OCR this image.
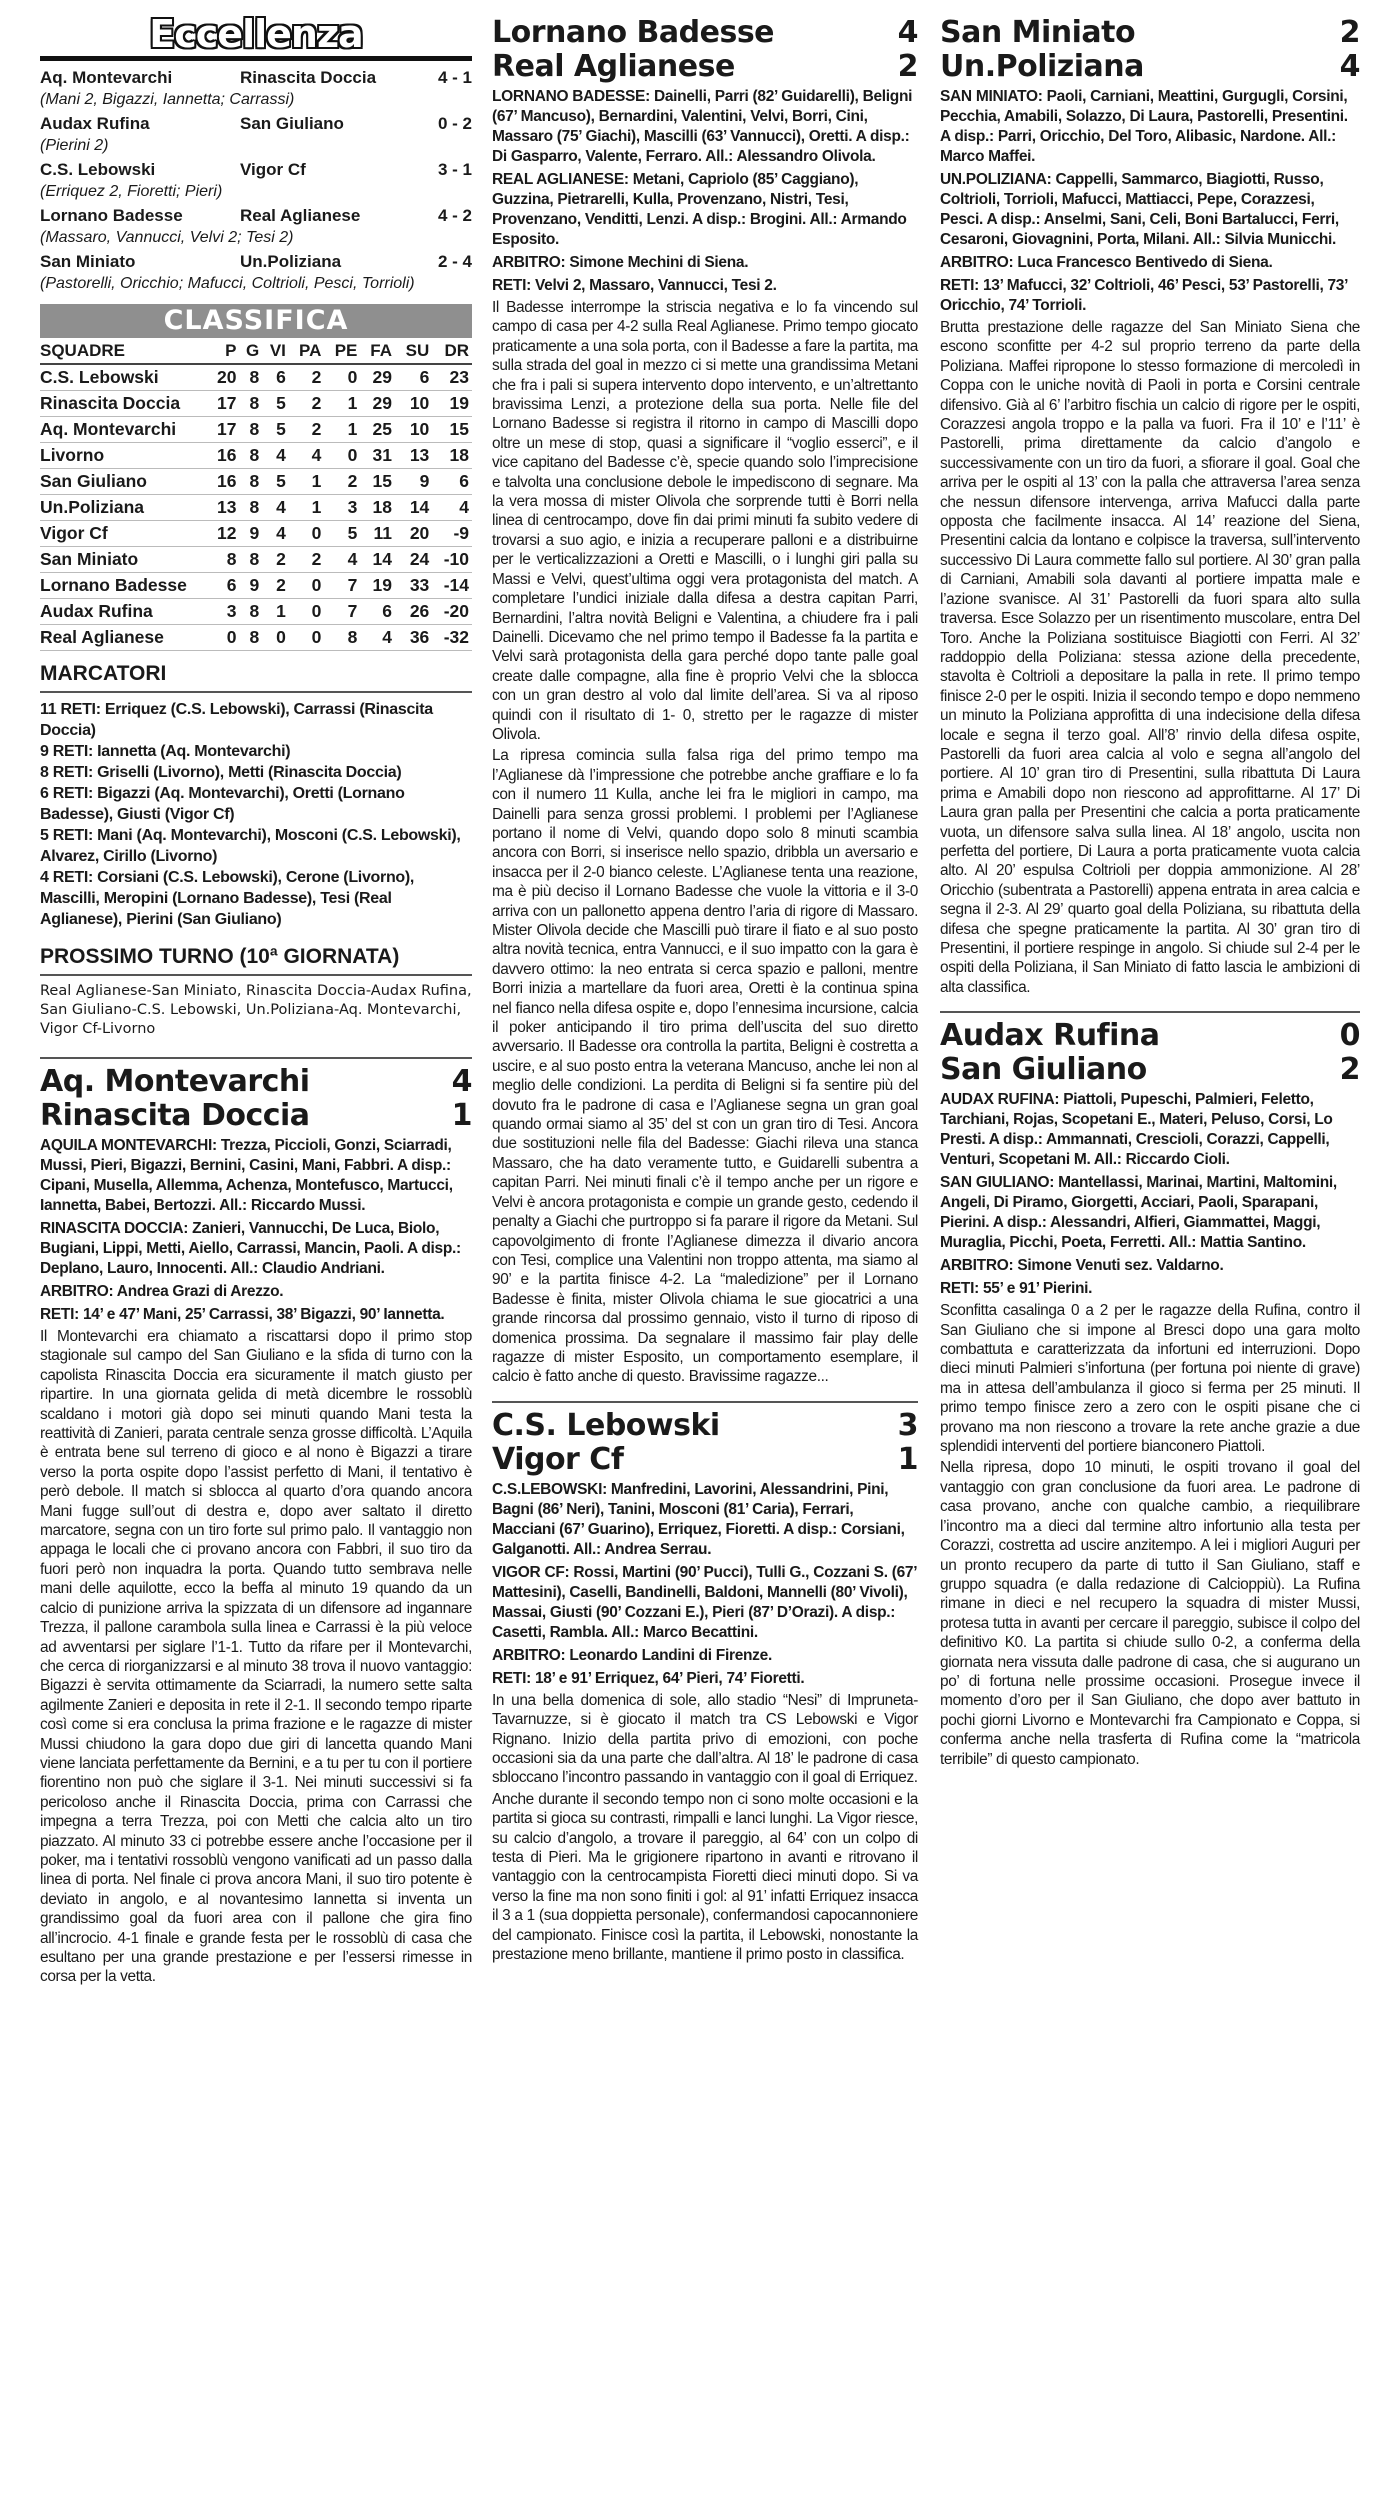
Eccellenza
Aq. Montevarchi	Rinascita Doccia	4 - 1
(Mani 2, Bigazzi, Iannetta; Carrassi)
Audax Rufina	San Giuliano	0 - 2
(Pierini 2)
C.S. Lebowski	Vigor Cf	3 - 1
(Erriquez 2, Fioretti; Pieri)
Lornano Badesse	Real Aglianese	4 - 2
(Massaro, Vannucci, Velvi 2; Tesi 2)
San Miniato	Un.Poliziana	2 - 4
(Pastorelli, Oricchio; Mafucci, Coltrioli, Pesci, Torrioli)
CLASSIFICA
SQUADRE	P	G	VI	PA	PE	FA	SU	DR
C.S. Lebowski	20	8	6	2	0	29	6	23
Rinascita Doccia	17	8	5	2	1	29	10	19
Aq. Montevarchi	17	8	5	2	1	25	10	15
Livorno	16	8	4	4	0	31	13	18
San Giuliano	16	8	5	1	2	15	9	6
Un.Poliziana	13	8	4	1	3	18	14	4
Vigor Cf	12	9	4	0	5	11	20	-9
San Miniato	8	8	2	2	4	14	24	-10
Lornano Badesse	6	9	2	0	7	19	33	-14
Audax Rufina	3	8	1	0	7	6	26	-20
Real Aglianese	0	8	0	0	8	4	36	-32
MARCATORI
11 RETI: Erriquez (C.S. Lebowski), Carrassi (Rinascita Doccia)
9 RETI: Iannetta (Aq. Montevarchi)
8 RETI: Griselli (Livorno), Metti (Rinascita Doccia)
6 RETI: Bigazzi (Aq. Montevarchi), Oretti (Lornano Badesse), Giusti (Vigor Cf)
5 RETI: Mani (Aq. Montevarchi), Mosconi (C.S. Lebowski), Alvarez, Cirillo (Livorno)
4 RETI: Corsiani (C.S. Lebowski), Cerone (Livorno), Mascilli, Meropini (Lornano Badesse), Tesi (Real Aglianese), Pierini (San Giuliano)
PROSSIMO TURNO (10ª GIORNATA)
Real Aglianese-San Miniato, Rinascita Doccia-Audax Rufina, San Giuliano-C.S. Lebowski, Un.Poliziana-Aq. Montevarchi, Vigor Cf-Livorno
Aq. Montevarchi	4
Rinascita Doccia	1
AQUILA MONTEVARCHI: Trezza, Piccioli, Gonzi, Sciarradi, Mussi, Pieri, Bigazzi, Bernini, Casini, Mani, Fabbri. A disp.: Cipani, Musella, Allemma, Achenza, Montefusco, Martucci, Iannetta, Babei, Bertozzi. All.: Riccardo Mussi.
RINASCITA DOCCIA: Zanieri, Vannucchi, De Luca, Biolo, Bugiani, Lippi, Metti, Aiello, Carrassi, Mancin, Paoli. A disp.: Deplano, Lauro, Innocenti. All.: Claudio Andriani.
ARBITRO: Andrea Grazi di Arezzo.
RETI: 14’ e 47’ Mani, 25’ Carrassi, 38’ Bigazzi, 90’ Iannetta.

Il Montevarchi era chiamato a riscattarsi dopo il primo stop stagionale sul campo del San Giuliano e la sfida di turno con la capolista Rinascita Doccia era sicuramente il match giusto per ripartire. In una giornata gelida di metà dicembre le rossoblù scaldano i motori già dopo sei minuti quando Mani testa la reattività di Zanieri, parata centrale senza grosse difficoltà. L’Aquila è entrata bene sul terreno di gioco e al nono è Bigazzi a tirare verso la porta ospite dopo l’assist perfetto di Mani, il tentativo è però debole. Il match si sblocca al quarto d’ora quando ancora Mani fugge sull’out di destra e, dopo aver saltato il diretto marcatore, segna con un tiro forte sul primo palo. Il vantaggio non appaga le locali che ci provano ancora con Fabbri, il suo tiro da fuori però non inquadra la porta. Quando tutto sembrava nelle mani delle aquilotte, ecco la beffa al minuto 19 quando da un calcio di punizione arriva la spizzata di un difensore ad ingannare Trezza, il pallone carambola sulla linea e Carrassi è la più veloce ad avventarsi per siglare l’1-1. Tutto da rifare per il Montevarchi, che cerca di riorganizzarsi e al minuto 38 trova il nuovo vantaggio: Bigazzi è servita ottimamente da Sciarradi, la numero sette salta agilmente Zanieri e deposita in rete il 2-1. Il secondo tempo riparte così come si era conclusa la prima frazione e le ragazze di mister Mussi chiudono la gara dopo due giri di lancetta quando Mani viene lanciata perfettamente da Bernini, e a tu per tu con il portiere fiorentino non può che siglare il 3-1. Nei minuti successivi si fa pericoloso anche il Rinascita Doccia, prima con Carrassi che impegna a terra Trezza, poi con Metti che calcia alto un tiro piazzato. Al minuto 33 ci potrebbe essere anche l’occasione per il poker, ma i tentativi rossoblù vengono vanificati ad un passo dalla linea di porta. Nel finale ci prova ancora Mani, il suo tiro potente è deviato in angolo, e al novantesimo Iannetta si inventa un grandissimo goal da fuori area con il pallone che gira fino all’incrocio. 4-1 finale e grande festa per le rossoblù di casa che esultano per una grande prestazione e per l’essersi rimesse in corsa per la vetta.

Lornano Badesse	4
Real Aglianese	2
LORNANO BADESSE: Dainelli, Parri (82’ Guidarelli), Beligni (67’ Mancuso), Bernardini, Valentini, Velvi, Borri, Cini, Massaro (75’ Giachi), Mascilli (63’ Vannucci), Oretti. A disp.: Di Gasparro, Valente, Ferraro. All.: Alessandro Olivola.
REAL AGLIANESE: Metani, Capriolo (85’ Caggiano), Guzzina, Pietrarelli, Kulla, Provenzano, Nistri, Tesi, Provenzano, Venditti, Lenzi. A disp.: Brogini. All.: Armando Esposito.
ARBITRO: Simone Mechini di Siena.
RETI: Velvi 2, Massaro, Vannucci, Tesi 2.

Il Badesse interrompe la striscia negativa e lo fa vincendo sul campo di casa per 4-2 sulla Real Aglianese. Primo tempo giocato praticamente a una sola porta, con il Badesse a fare la partita, ma sulla strada del goal in mezzo ci si mette una grandissima Metani che fra i pali si supera intervento dopo intervento, e un’altrettanto bravissima Lenzi, a protezione della sua porta. Nelle file del Lornano Badesse si registra il ritorno in campo di Mascilli dopo oltre un mese di stop, quasi a significare il “voglio esserci”, e il vice capitano del Badesse c’è, specie quando solo l’imprecisione e talvolta una conclusione debole le impediscono di segnare. Ma la vera mossa di mister Olivola che sorprende tutti è Borri nella linea di centrocampo, dove fin dai primi minuti fa subito vedere di trovarsi a suo agio, e inizia a recuperare palloni e a distribuirne per le verticalizzazioni a Oretti e Mascilli, o i lunghi giri palla su Massi e Velvi, quest’ultima oggi vera protagonista del match. A completare l’undici iniziale dalla difesa a destra capitan Parri, Bernardini, l’altra novità Beligni e Valentina, a chiudere fra i pali Dainelli. Dicevamo che nel primo tempo il Badesse fa la partita e Velvi sarà protagonista della gara perché dopo tante palle goal create dalle compagne, alla fine è proprio Velvi che la sblocca con un gran destro al volo dal limite dell’area. Si va al riposo quindi con il risultato di 1- 0, stretto per le ragazze di mister Olivola.

La ripresa comincia sulla falsa riga del primo tempo ma l’Aglianese dà l’impressione che potrebbe anche graffiare e lo fa con il numero 11 Kulla, anche lei fra le migliori in campo, ma Dainelli para senza grossi problemi. I problemi per l’Aglianese portano il nome di Velvi, quando dopo solo 8 minuti scambia ancora con Borri, si inserisce nello spazio, dribbla un aversario e insacca per il 2-0 bianco celeste. L’Aglianese tenta una reazione, ma è più deciso il Lornano Badesse che vuole la vittoria e il 3-0 arriva con un pallonetto appena dentro l’aria di rigore di Massaro. Mister Olivola decide che Mascilli può tirare il fiato e al suo posto altra novità tecnica, entra Vannucci, e il suo impatto con la gara è davvero ottimo: la neo entrata si cerca spazio e palloni, mentre Borri inizia a martellare da fuori area, Oretti è la continua spina nel fianco nella difesa ospite e, dopo l’ennesima incursione, calcia il poker anticipando il tiro prima dell’uscita del suo diretto avversario. Il Badesse ora controlla la partita, Beligni è costretta a uscire, e al suo posto entra la veterana Mancuso, anche lei non al meglio delle condizioni. La perdita di Beligni si fa sentire più del dovuto fra le padrone di casa e l’Aglianese segna un gran goal quando ormai siamo al 35’ del st con un gran tiro di Tesi. Ancora due sostituzioni nelle fila del Badesse: Giachi rileva una stanca Massaro, che ha dato veramente tutto, e Guidarelli subentra a capitan Parri. Nei minuti finali c’è il tempo anche per un rigore e Velvi è ancora protagonista e compie un grande gesto, cedendo il penalty a Giachi che purtroppo si fa parare il rigore da Metani. Sul capovolgimento di fronte l’Aglianese dimezza il divario ancora con Tesi, complice una Valentini non troppo attenta, ma siamo al 90’ e la partita finisce 4-2. La “maledizione” per il Lornano Badesse è finita, mister Olivola chiama le sue giocatrici a una grande rincorsa dal prossimo gennaio, visto il turno di riposo di domenica prossima. Da segnalare il massimo fair play delle ragazze di mister Esposito, un comportamento esemplare, il calcio è fatto anche di questo. Bravissime ragazze...

C.S. Lebowski	3
Vigor Cf	1
C.S.LEBOWSKI: Manfredini, Lavorini, Alessandrini, Pini, Bagni (86’ Neri), Tanini, Mosconi (81’ Caria), Ferrari, Macciani (67’ Guarino), Erriquez, Fioretti. A disp.: Corsiani, Galganotti. All.: Andrea Serrau.
VIGOR CF: Rossi, Martini (90’ Pucci), Tulli G., Cozzani S. (67’ Mattesini), Caselli, Bandinelli, Baldoni, Mannelli (80’ Vivoli), Massai, Giusti (90’ Cozzani E.), Pieri (87’ D’Orazi). A disp.: Casetti, Rambla. All.: Marco Becattini.
ARBITRO: Leonardo Landini di Firenze.
RETI: 18’ e 91’ Erriquez, 64’ Pieri, 74’ Fioretti.

In una bella domenica di sole, allo stadio “Nesi” di Impruneta-Tavarnuzze, si è giocato il match tra CS Lebowski e Vigor Rignano. Inizio della partita privo di emozioni, con poche occasioni sia da una parte che dall’altra. Al 18’ le padrone di casa sbloccano l’incontro passando in vantaggio con il goal di Erriquez.

Anche durante il secondo tempo non ci sono molte occasioni e la partita si gioca su contrasti, rimpalli e lanci lunghi. La Vigor riesce, su calcio d’angolo, a trovare il pareggio, al 64’ con un colpo di testa di Pieri. Ma le grigionere ripartono in avanti e ritrovano il vantaggio con la centrocampista Fioretti dieci minuti dopo. Si va verso la fine ma non sono finiti i gol: al 91’ infatti Erriquez insacca il 3 a 1 (sua doppietta personale), confermandosi capocannoniere del campionato. Finisce così la partita, il Lebowski, nonostante la prestazione meno brillante, mantiene il primo posto in classifica.

San Miniato	2
Un.Poliziana	4
SAN MINIATO: Paoli, Carniani, Meattini, Gurgugli, Corsini, Pecchia, Amabili, Solazzo, Di Laura, Pastorelli, Presentini. A disp.: Parri, Oricchio, Del Toro, Alibasic, Nardone. All.: Marco Maffei.
UN.POLIZIANA: Cappelli, Sammarco, Biagiotti, Russo, Coltrioli, Torrioli, Mafucci, Mattiacci, Pepe, Corazzesi, Pesci. A disp.: Anselmi, Sani, Celi, Boni Bartalucci, Ferri, Cesaroni, Giovagnini, Porta, Milani. All.: Silvia Municchi.
ARBITRO: Luca Francesco Bentivedo di Siena.
RETI: 13’ Mafucci, 32’ Coltrioli, 46’ Pesci, 53’ Pastorelli, 73’ Oricchio, 74’ Torrioli.

Brutta prestazione delle ragazze del San Miniato Siena che escono sconfitte per 4-2 sul proprio terreno da parte della Poliziana. Maffei ripropone lo stesso formazione di mercoledì in Coppa con le uniche novità di Paoli in porta e Corsini centrale difensivo. Già al 6’ l’arbitro fischia un calcio di rigore per le ospiti, Corazzesi angola troppo e la palla va fuori. Fra il 10’ e l’11’ è Pastorelli, prima direttamente da calcio d’angolo e successivamente con un tiro da fuori, a sfiorare il goal. Goal che arriva per le ospiti al 13’ con la palla che attraversa l’area senza che nessun difensore intervenga, arriva Mafucci dalla parte opposta che facilmente insacca. Al 14’ reazione del Siena, Presentini calcia da lontano e colpisce la traversa, sull’intervento successivo Di Laura commette fallo sul portiere. Al 30’ gran palla di Carniani, Amabili sola davanti al portiere impatta male e l’azione svanisce. Al 31’ Pastorelli da fuori spara alto sulla traversa. Esce Solazzo per un risentimento muscolare, entra Del Toro. Anche la Poliziana sostituisce Biagiotti con Ferri. Al 32’ raddoppio della Poliziana: stessa azione della precedente, stavolta è Coltrioli a depositare la palla in rete. Il primo tempo finisce 2-0 per le ospiti. Inizia il secondo tempo e dopo nemmeno un minuto la Poliziana approfitta di una indecisione della difesa locale e segna il terzo goal. All’8’ rinvio della difesa ospite, Pastorelli da fuori area calcia al volo e segna all’angolo del portiere. Al 10’ gran tiro di Presentini, sulla ribattuta Di Laura prima e Amabili dopo non riescono ad approfittarne. Al 17’ Di Laura gran palla per Presentini che calcia a porta praticamente vuota, un difensore salva sulla linea. Al 18’ angolo, uscita non perfetta del portiere, Di Laura a porta praticamente vuota calcia alto. Al 20’ espulsa Coltrioli per doppia ammonizione. Al 28’ Oricchio (subentrata a Pastorelli) appena entrata in area calcia e segna il 2-3. Al 29’ quarto goal della Poliziana, su ribattuta della difesa che spegne praticamente la partita. Al 30’ gran tiro di Presentini, il portiere respinge in angolo. Si chiude sul 2-4 per le ospiti della Poliziana, il San Miniato di fatto lascia le ambizioni di alta classifica.

Audax Rufina	0
San Giuliano	2
AUDAX RUFINA: Piattoli, Pupeschi, Palmieri, Feletto, Tarchiani, Rojas, Scopetani E., Materi, Peluso, Corsi, Lo Presti. A disp.: Ammannati, Crescioli, Corazzi, Cappelli, Venturi, Scopetani M. All.: Riccardo Cioli.
SAN GIULIANO: Mantellassi, Marinai, Martini, Maltomini, Angeli, Di Piramo, Giorgetti, Acciari, Paoli, Sparapani, Pierini. A disp.: Alessandri, Alfieri, Giammattei, Maggi, Muraglia, Picchi, Poeta, Ferretti. All.: Mattia Santino.
ARBITRO: Simone Venuti sez. Valdarno.
RETI: 55’ e 91’ Pierini.

Sconfitta casalinga 0 a 2 per le ragazze della Rufina, contro il San Giuliano che si impone al Bresci dopo una gara molto combattuta e caratterizzata da infortuni ed interruzioni. Dopo dieci minuti Palmieri s’infortuna (per fortuna poi niente di grave) ma in attesa dell’ambulanza il gioco si ferma per 25 minuti. Il primo tempo finisce zero a zero con le ospiti pisane che ci provano ma non riescono a trovare la rete anche grazie a due splendidi interventi del portiere bianconero Piattoli.

Nella ripresa, dopo 10 minuti, le ospiti trovano il goal del vantaggio con gran conclusione da fuori area. Le padrone di casa provano, anche con qualche cambio, a riequilibrare l’incontro ma a dieci dal termine altro infortunio alla testa per Corazzi, costretta ad uscire anzitempo. A lei i migliori Auguri per un pronto recupero da parte di tutto il San Giuliano, staff e gruppo squadra (e dalla redazione di Calcioppiù). La Rufina rimane in dieci e nel recupero la squadra di mister Mussi, protesa tutta in avanti per cercare il pareggio, subisce il colpo del definitivo K0. La partita si chiude sullo 0-2, a conferma della giornata nera vissuta dalle padrone di casa, che si augurano un po’ di fortuna nelle prossime occasioni. Prosegue invece il momento d’oro per il San Giuliano, che dopo aver battuto in pochi giorni Livorno e Montevarchi fra Campionato e Coppa, si conferma anche nella trasferta di Rufina come la “matricola terribile” di questo campionato.
